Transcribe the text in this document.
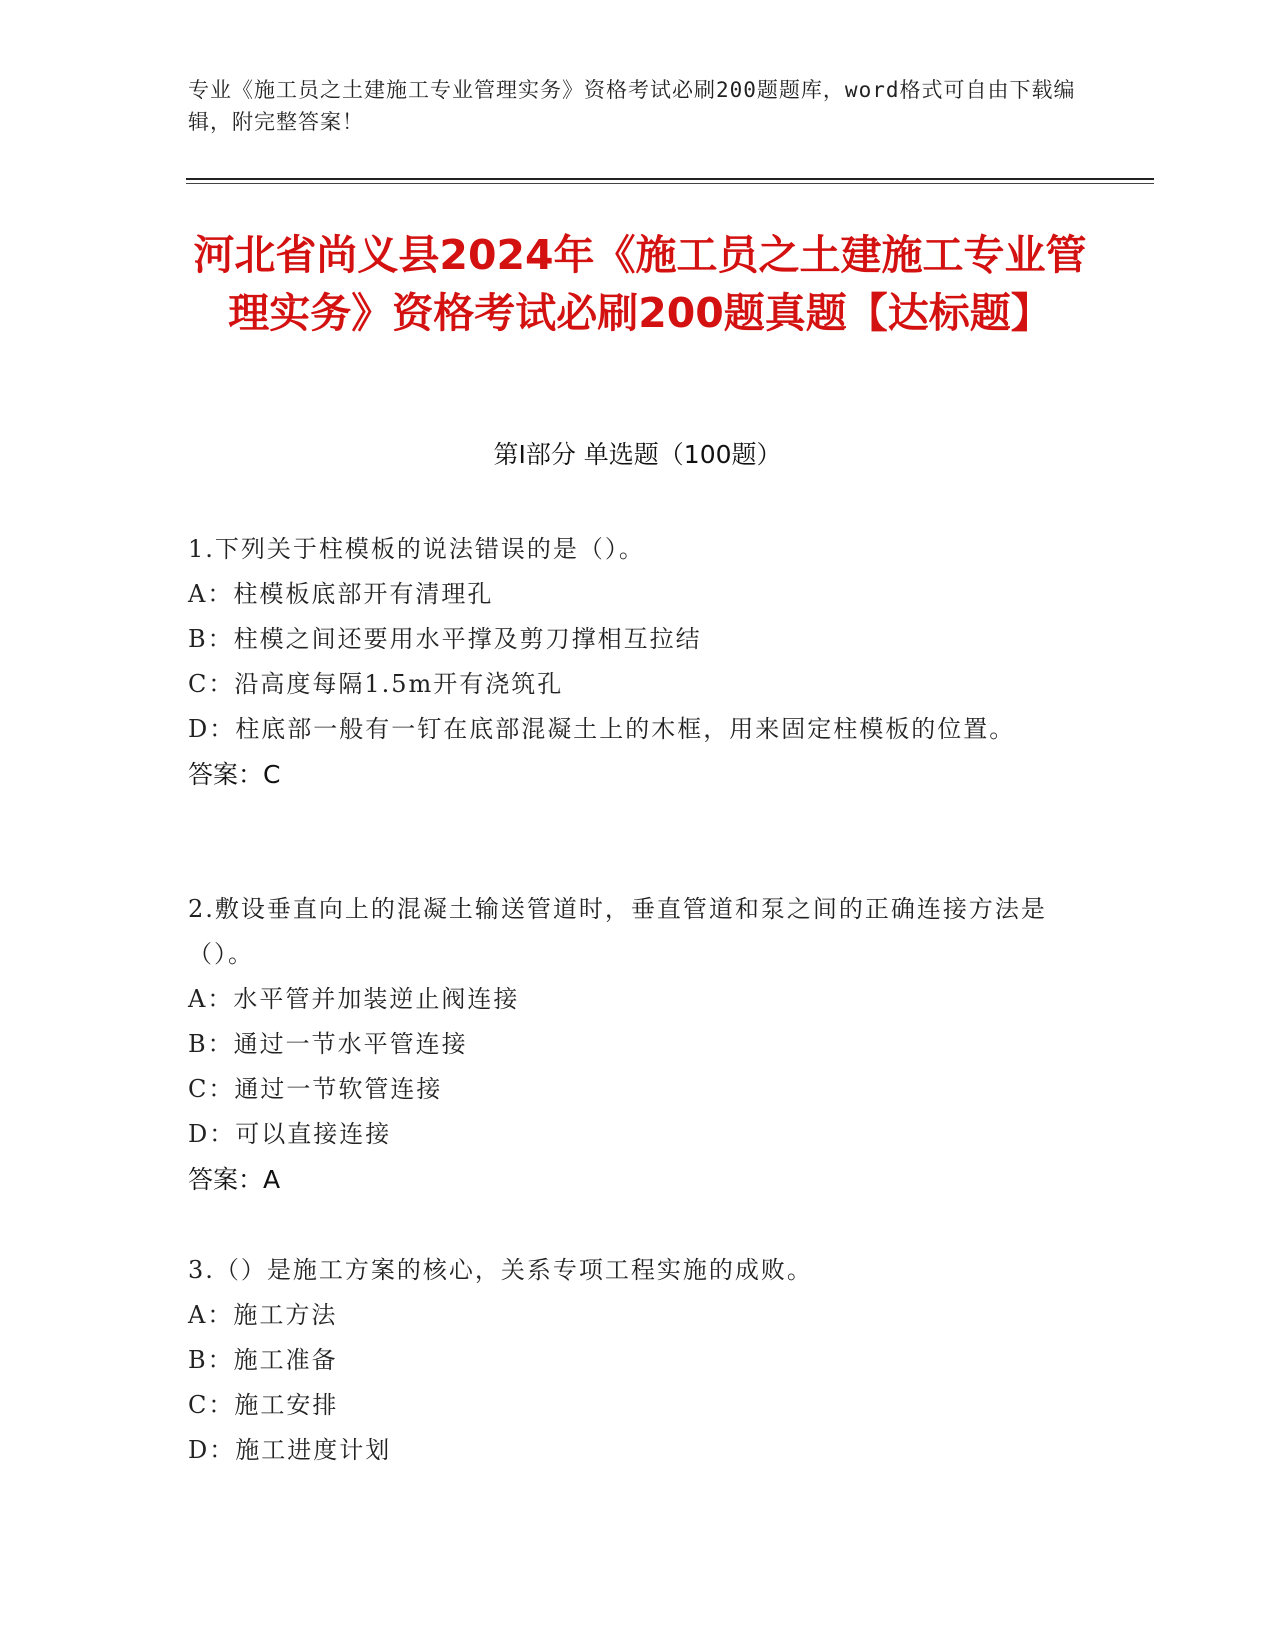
专业《施工员之土建施工专业管理实务》资格考试必刷200题题库，word格式可自由下载编辑，附完整答案！
河北省尚义县2024年《施工员之土建施工专业管理实务》资格考试必刷200题真题【达标题】
第I部分 单选题（100题）
1.下列关于柱模板的说法错误的是（）。
A：柱模板底部开有清理孔
B：柱模之间还要用水平撑及剪刀撑相互拉结
C：沿高度每隔1.5m开有浇筑孔
D：柱底部一般有一钉在底部混凝土上的木框，用来固定柱模板的位置。
答案：C
2.敷设垂直向上的混凝土输送管道时，垂直管道和泵之间的正确连接方法是（）。
A：水平管并加装逆止阀连接
B：通过一节水平管连接
C：通过一节软管连接
D：可以直接连接
答案：A
3.（）是施工方案的核心，关系专项工程实施的成败。
A：施工方法
B：施工准备
C：施工安排
D：施工进度计划
